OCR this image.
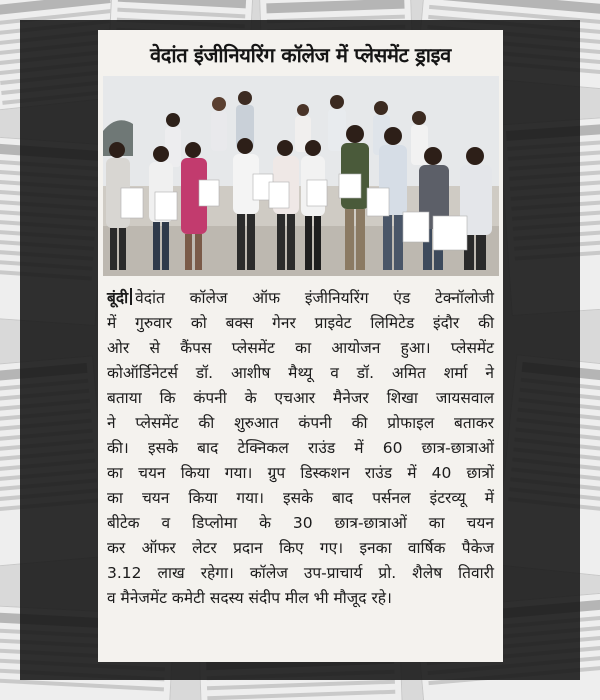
वेदांत इंजीनियरिंग कॉलेज में प्लेसमेंट ड्राइव
बूंदी वेदांत कॉलेज ऑफ इंजीनियरिंग एंड टेक्नॉलोजी
में गुरुवार को बक्स गेनर प्राइवेट लिमिटेड इंदौर की
ओर से कैंपस प्लेसमेंट का आयोजन हुआ। प्लेसमेंट
कोऑर्डिनेटर्स डॉ. आशीष मैथ्यू व डॉ. अमित शर्मा ने
बताया कि कंपनी के एचआर मैनेजर शिखा जायसवाल
ने प्लेसमेंट की शुरुआत कंपनी की प्रोफाइल बताकर
की। इसके बाद टेक्निकल राउंड में 60 छात्र-छात्राओं
का चयन किया गया। ग्रुप डिस्कशन राउंड में 40 छात्रों
का चयन किया गया। इसके बाद पर्सनल इंटरव्यू में
बीटेक व डिप्लोमा के 30 छात्र-छात्राओं का चयन
कर ऑफर लेटर प्रदान किए गए। इनका वार्षिक पैकेज
3.12 लाख रहेगा। कॉलेज उप-प्राचार्य प्रो. शैलेष तिवारी
व मैनेजमेंट कमेटी सदस्य संदीप मील भी मौजूद रहे।
